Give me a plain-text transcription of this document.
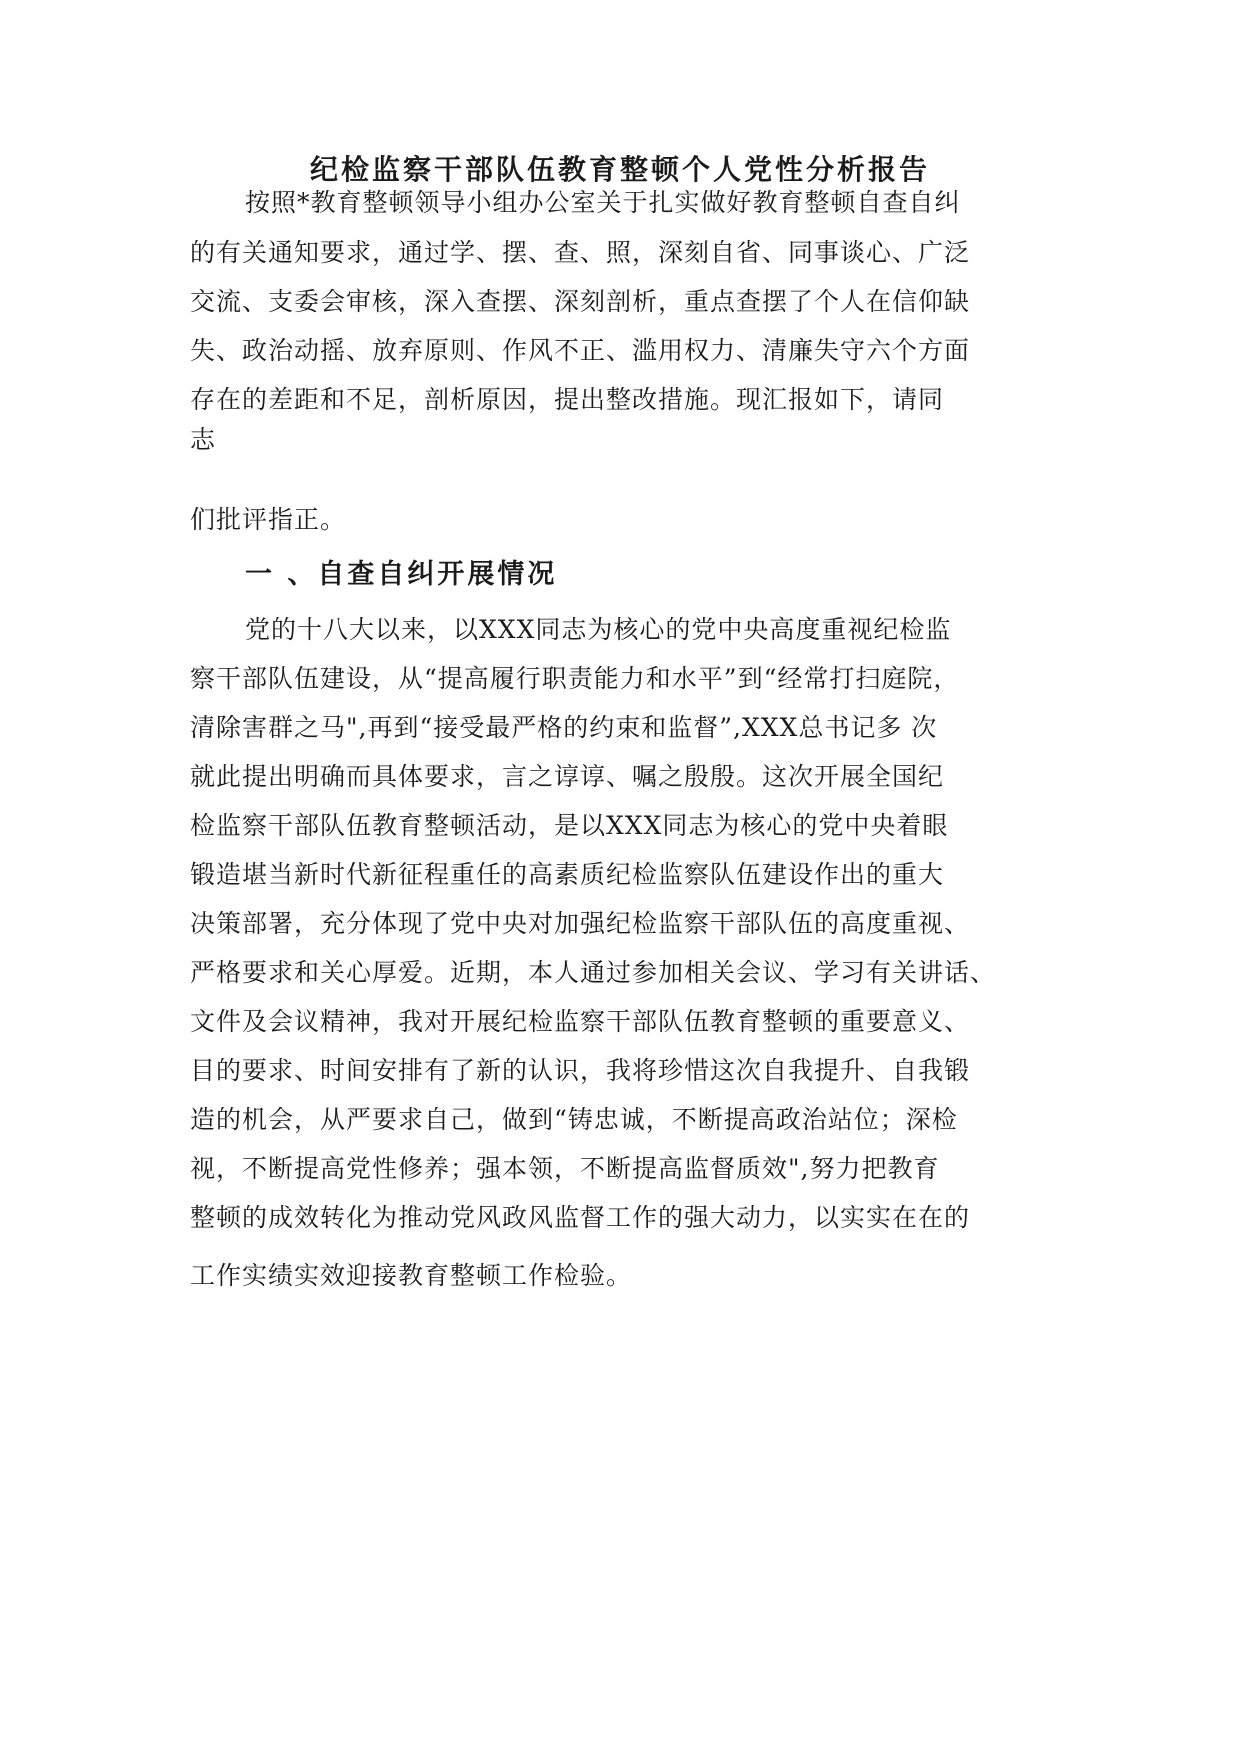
纪检监察干部队伍教育整顿个人党性分析报告
按照*教育整顿领导小组办公室关于扎实做好教育整顿自查自纠
的有关通知要求，通过学、摆、查、照，深刻自省、同事谈心、广泛
交流、支委会审核，深入查摆、深刻剖析，重点查摆了个人在信仰缺
失、政治动摇、放弃原则、作风不正、滥用权力、清廉失守六个方面
存在的差距和不足，剖析原因，提出整改措施。现汇报如下，请同
志
们批评指正。
一 、自查自纠开展情况
党的十八大以来，以XXX同志为核心的党中央高度重视纪检监
察干部队伍建设，从“提高履行职责能力和水平”到“经常打扫庭院，
清除害群之马",再到“接受最严格的约束和监督”,XXX总书记多 次
就此提出明确而具体要求，言之谆谆、嘱之殷殷。这次开展全国纪
检监察干部队伍教育整顿活动，是以XXX同志为核心的党中央着眼
锻造堪当新时代新征程重任的高素质纪检监察队伍建设作出的重大
决策部署，充分体现了党中央对加强纪检监察干部队伍的高度重视、
严格要求和关心厚爱。近期，本人通过参加相关会议、学习有关讲话、
文件及会议精神，我对开展纪检监察干部队伍教育整顿的重要意义、
目的要求、时间安排有了新的认识，我将珍惜这次自我提升、自我锻
造的机会，从严要求自己，做到“铸忠诚，不断提高政治站位；深检
视，不断提高党性修养；强本领，不断提高监督质效",努力把教育
整顿的成效转化为推动党风政风监督工作的强大动力，以实实在在的
工作实绩实效迎接教育整顿工作检验。
